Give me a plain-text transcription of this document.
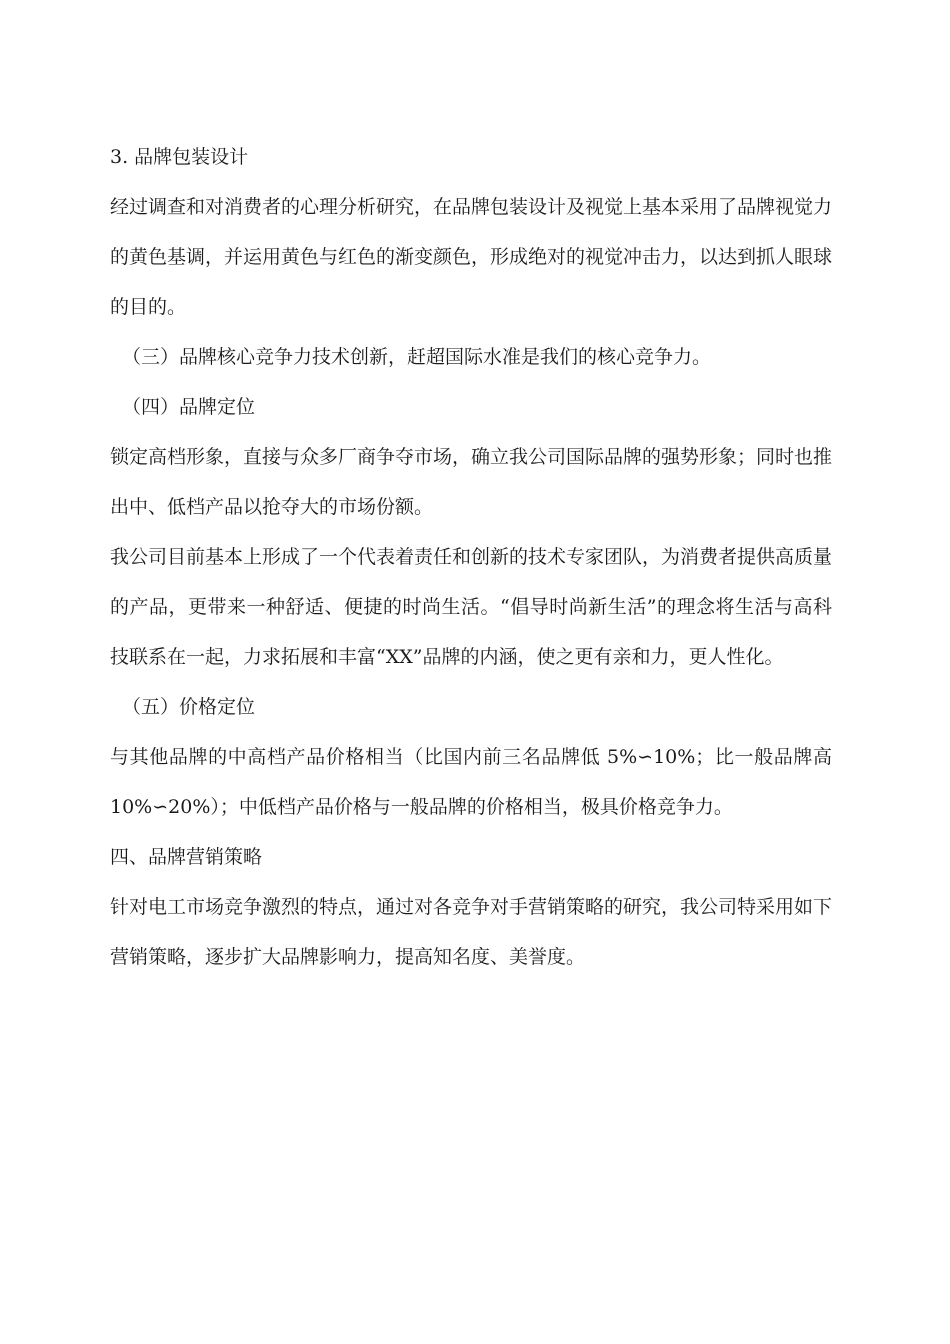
3. 品牌包装设计

经过调查和对消费者的心理分析研究，在品牌包装设计及视觉上基本采用了品牌视觉力的黄色基调，并运用黄色与红色的渐变颜色，形成绝对的视觉冲击力，以达到抓人眼球的目的。

（三）品牌核心竞争力技术创新，赶超国际水准是我们的核心竞争力。

（四）品牌定位

锁定高档形象，直接与众多厂商争夺市场，确立我公司国际品牌的强势形象；同时也推出中、低档产品以抢夺大的市场份额。

我公司目前基本上形成了一个代表着责任和创新的技术专家团队，为消费者提供高质量的产品，更带来一种舒适、便捷的时尚生活。“倡导时尚新生活”的理念将生活与高科技联系在一起，力求拓展和丰富“XX”品牌的内涵，使之更有亲和力，更人性化。

（五）价格定位

与其他品牌的中高档产品价格相当（比国内前三名品牌低 5%∽10%；比一般品牌高 10%∽20%）；中低档产品价格与一般品牌的价格相当，极具价格竞争力。

四、品牌营销策略

针对电工市场竞争激烈的特点，通过对各竞争对手营销策略的研究，我公司特采用如下营销策略，逐步扩大品牌影响力，提高知名度、美誉度。
